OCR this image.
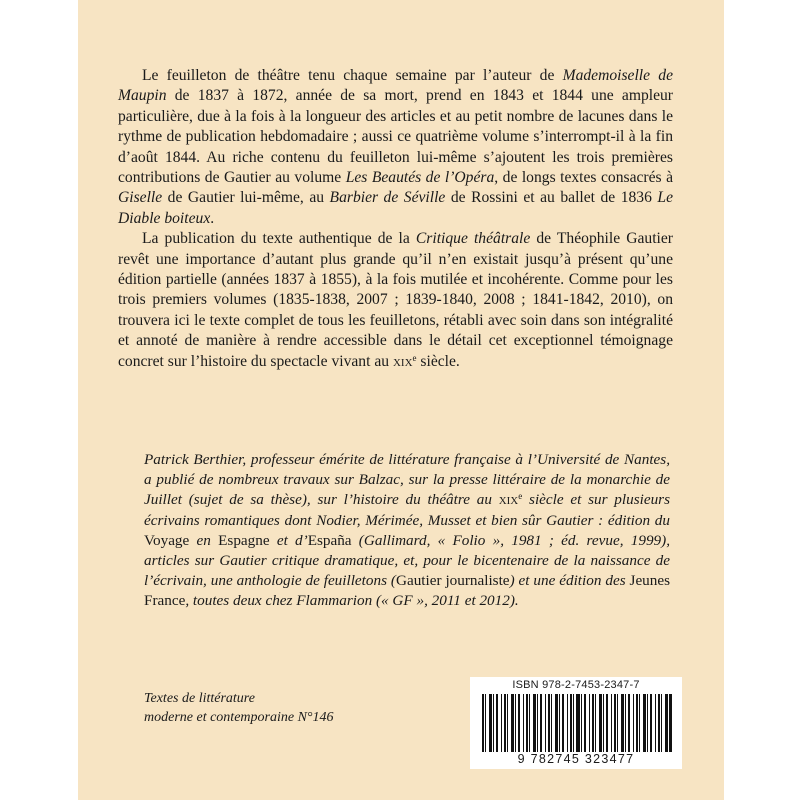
Le feuilleton de théâtre tenu chaque semaine par l’auteur de Mademoiselle de Maupin de 1837 à 1872, année de sa mort, prend en 1843 et 1844 une ampleur particulière, due à la fois à la longueur des articles et au petit nombre de lacunes dans le rythme de publication hebdomadaire ; aussi ce quatrième volume s’interrompt-il à la fin d’août 1844. Au riche contenu du feuilleton lui-même s’ajoutent les trois premières contributions de Gautier au volume Les Beautés de l’Opéra, de longs textes consacrés à Giselle de Gautier lui-même, au Barbier de Séville de Rossini et au ballet de 1836 Le Diable boiteux.

La publication du texte authentique de la Critique théâtrale de Théophile Gautier revêt une importance d’autant plus grande qu’il n’en existait jusqu’à présent qu’une édition partielle (années 1837 à 1855), à la fois mutilée et incohérente. Comme pour les trois premiers volumes (1835-1838, 2007 ; 1839-1840, 2008 ; 1841-1842, 2010), on trouvera ici le texte complet de tous les feuilletons, rétabli avec soin dans son intégralité et annoté de manière à rendre accessible dans le détail cet exceptionnel témoignage concret sur l’histoire du spectacle vivant au xix$^e$ siècle.

Patrick Berthier, professeur émérite de littérature française à l’Université de Nantes, a publié de nombreux travaux sur Balzac, sur la presse littéraire de la monarchie de Juillet (sujet de sa thèse), sur l’histoire du théâtre au xix$^e$ siècle et sur plusieurs écrivains romantiques dont Nodier, Mérimée, Musset et bien sûr Gautier : édition du Voyage en Espagne et d’España (Gallimard, « Folio », 1981 ; éd. revue, 1999), articles sur Gautier critique dramatique, et, pour le bicentenaire de la naissance de l’écrivain, une anthologie de feuilletons (Gautier journaliste) et une édition des Jeunes France, toutes deux chez Flammarion (« GF », 2011 et 2012).
Textes de littérature
moderne et contemporaine N°146
ISBN 978-2-7453-2347-7
9 782745 323477
